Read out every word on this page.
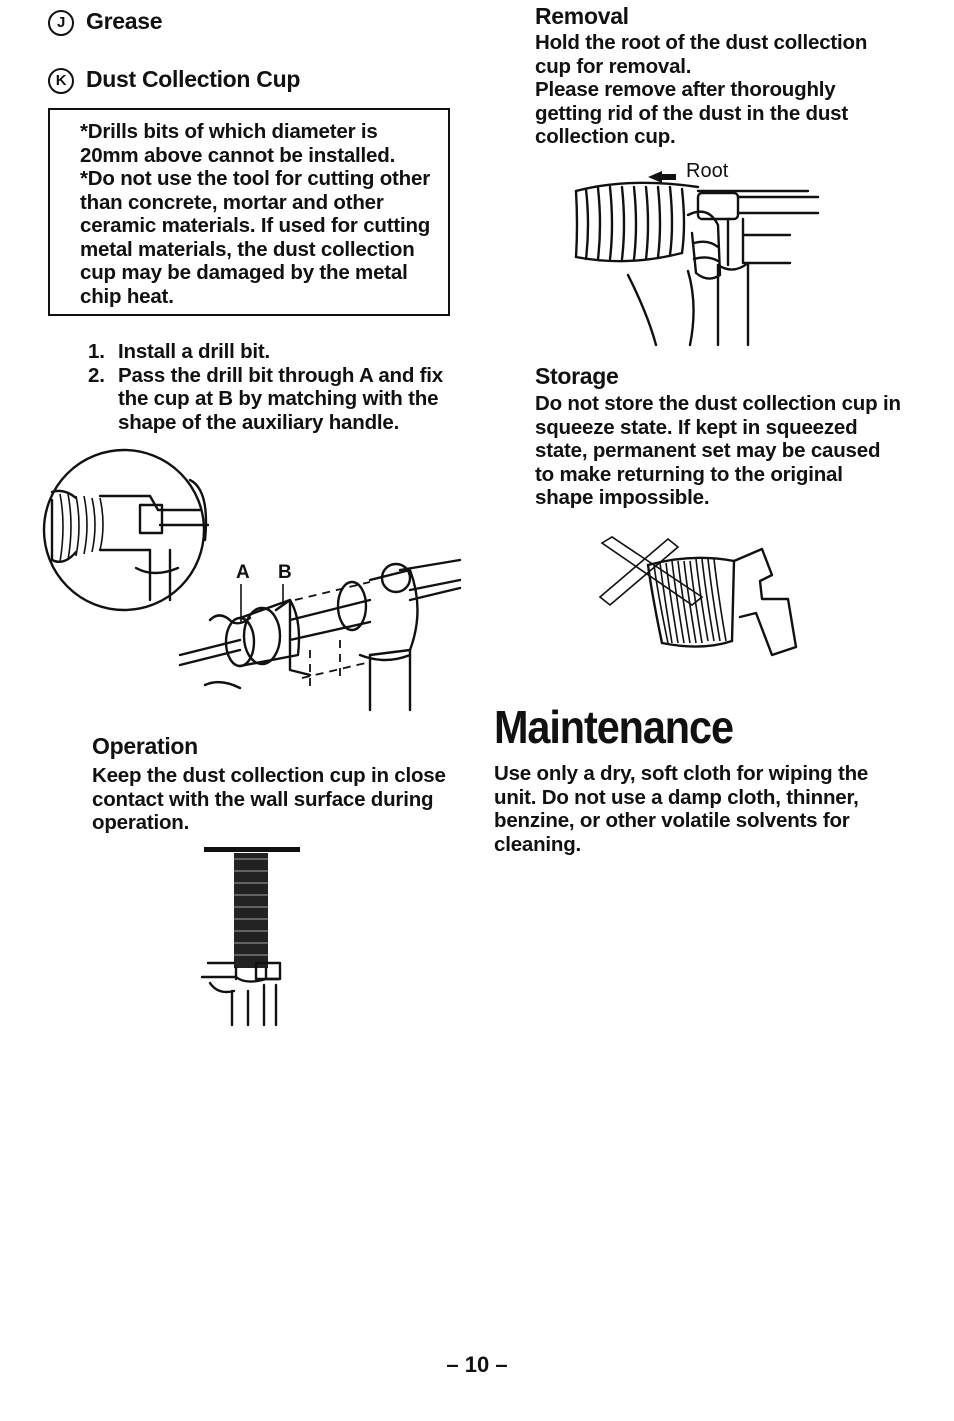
J Grease
K Dust Collection Cup

*Drills bits of which diameter is 20mm above cannot be installed.

*Do not use the tool for cutting other than concrete, mortar and other ceramic materials. If used for cutting metal materials, the dust collection cup may be damaged by the metal chip heat.

1. Install a drill bit.
2. Pass the drill bit through A and fix the cup at B by matching with the shape of the auxiliary handle.
A B
Operation
Keep the dust collection cup in close contact with the wall surface during operation.
Removal
Hold the root of the dust collection cup for removal.
Please remove after thoroughly getting rid of the dust in the dust collection cup.
Root
Storage
Do not store the dust collection cup in squeeze state. If kept in squeezed state, permanent set may be caused to make returning to the original shape impossible.
Maintenance
Use only a dry, soft cloth for wiping the unit. Do not use a damp cloth, thinner, benzine, or other volatile solvents for cleaning.
– 10 –
